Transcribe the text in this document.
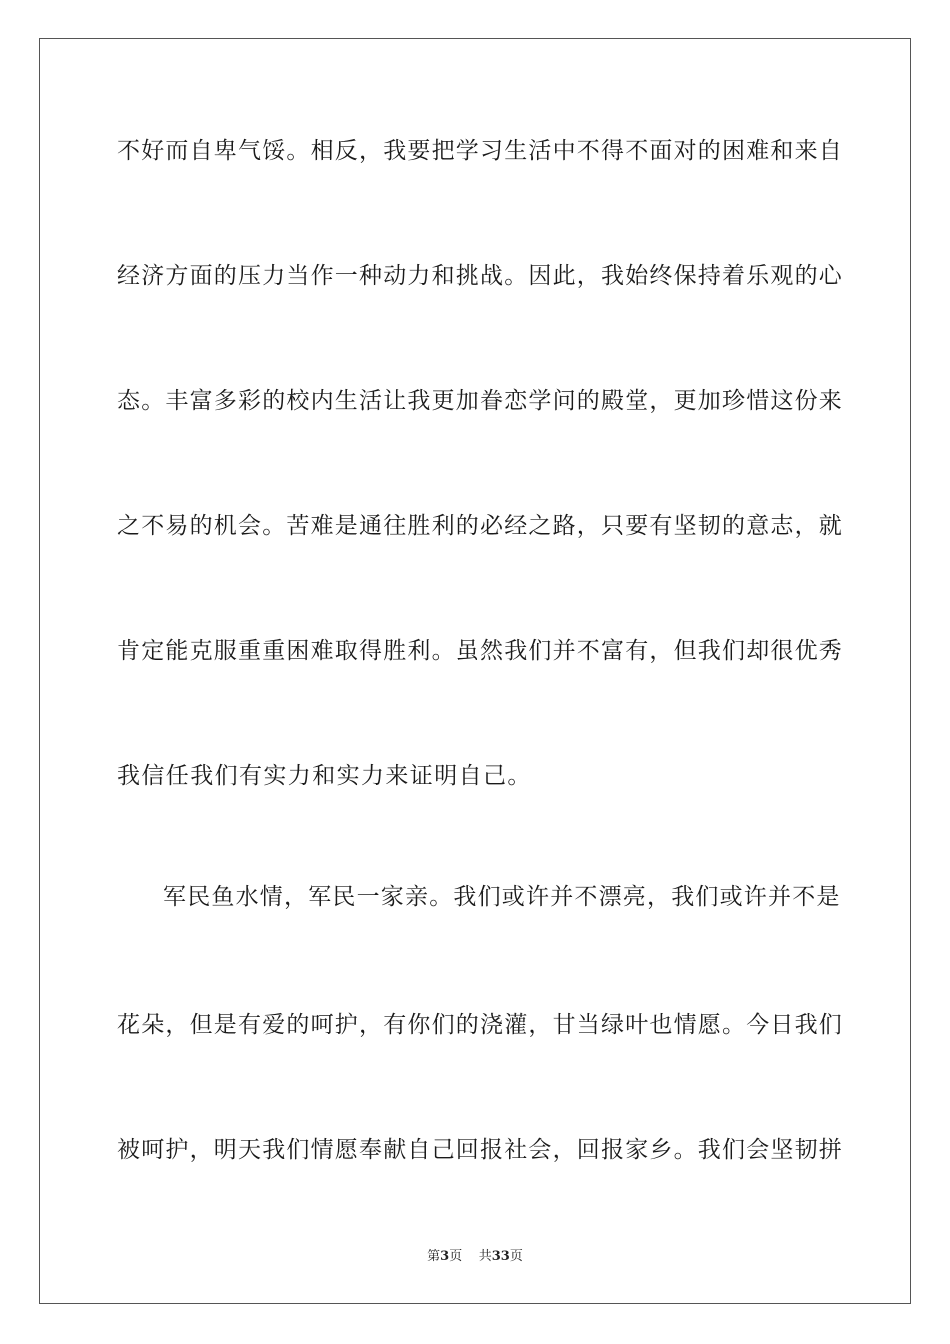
不好而自卑气馁。相反，我要把学习生活中不得不面对的困难和来自
经济方面的压力当作一种动力和挑战。因此，我始终保持着乐观的心
态。丰富多彩的校内生活让我更加眷恋学问的殿堂，更加珍惜这份来
之不易的机会。苦难是通往胜利的必经之路，只要有坚韧的意志，就
肯定能克服重重困难取得胜利。虽然我们并不富有，但我们却很优秀
我信任我们有实力和实力来证明自己。
军民鱼水情，军民一家亲。我们或许并不漂亮，我们或许并不是
花朵，但是有爱的呵护，有你们的浇灌，甘当绿叶也情愿。今日我们
被呵护，明天我们情愿奉献自己回报社会，回报家乡。我们会坚韧拼
第3页 共33页
